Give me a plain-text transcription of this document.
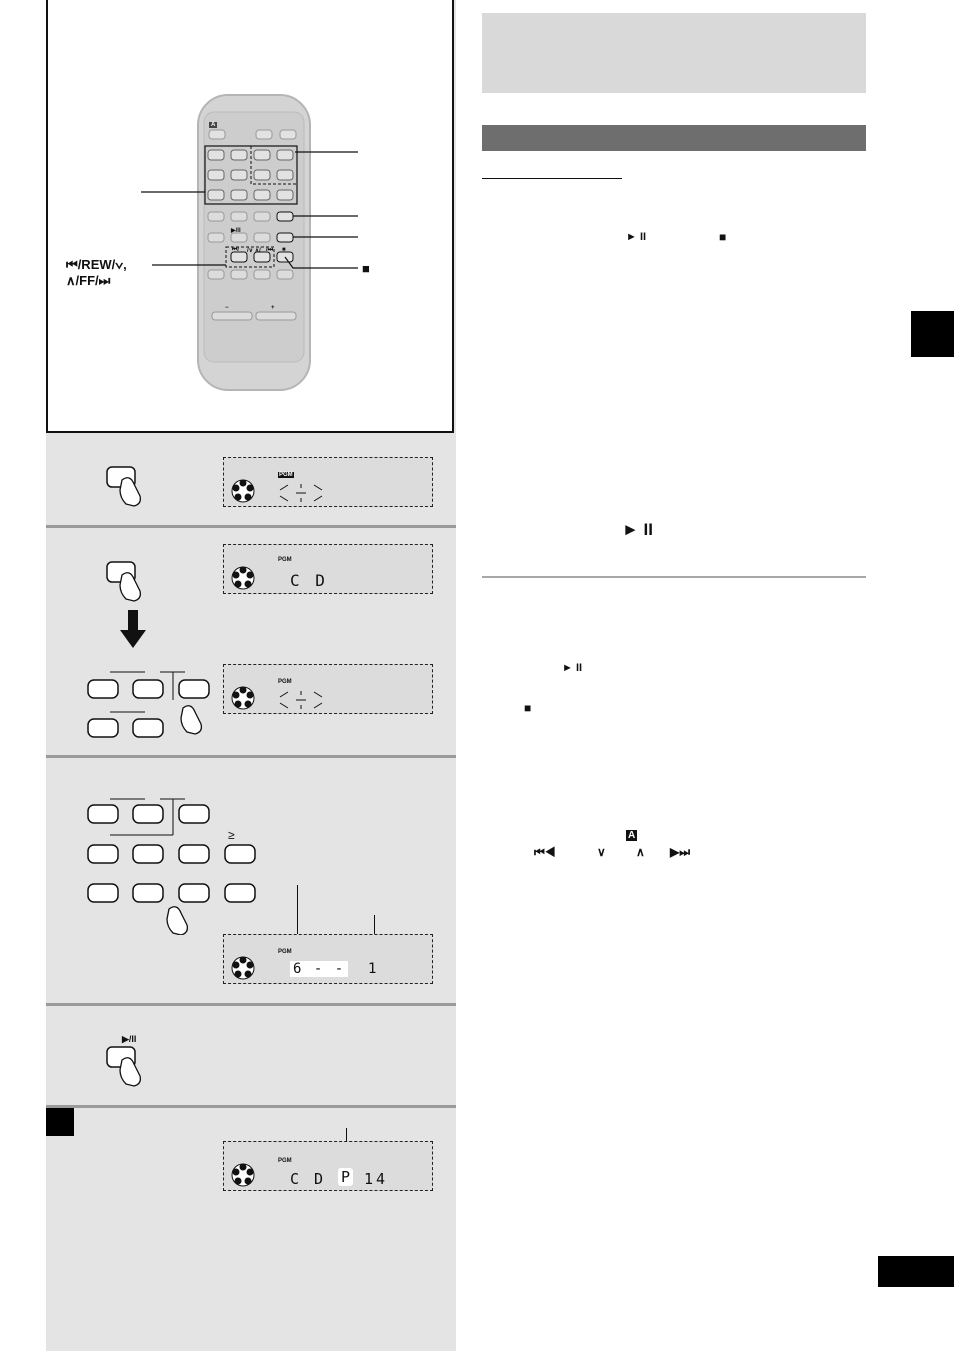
▶/II
■
⏮/ /∨ ∧/ /⏭
−	+
A
⏮/REW/∨,
∧/FF/⏭
■
PGM
PGM
C D
PGM
≥
PGM
6 - - 1
▶/II
PGM
C D P 14
► II	■
► II
► II
■
A
⏮◀	∨	∧ ▶⏭
